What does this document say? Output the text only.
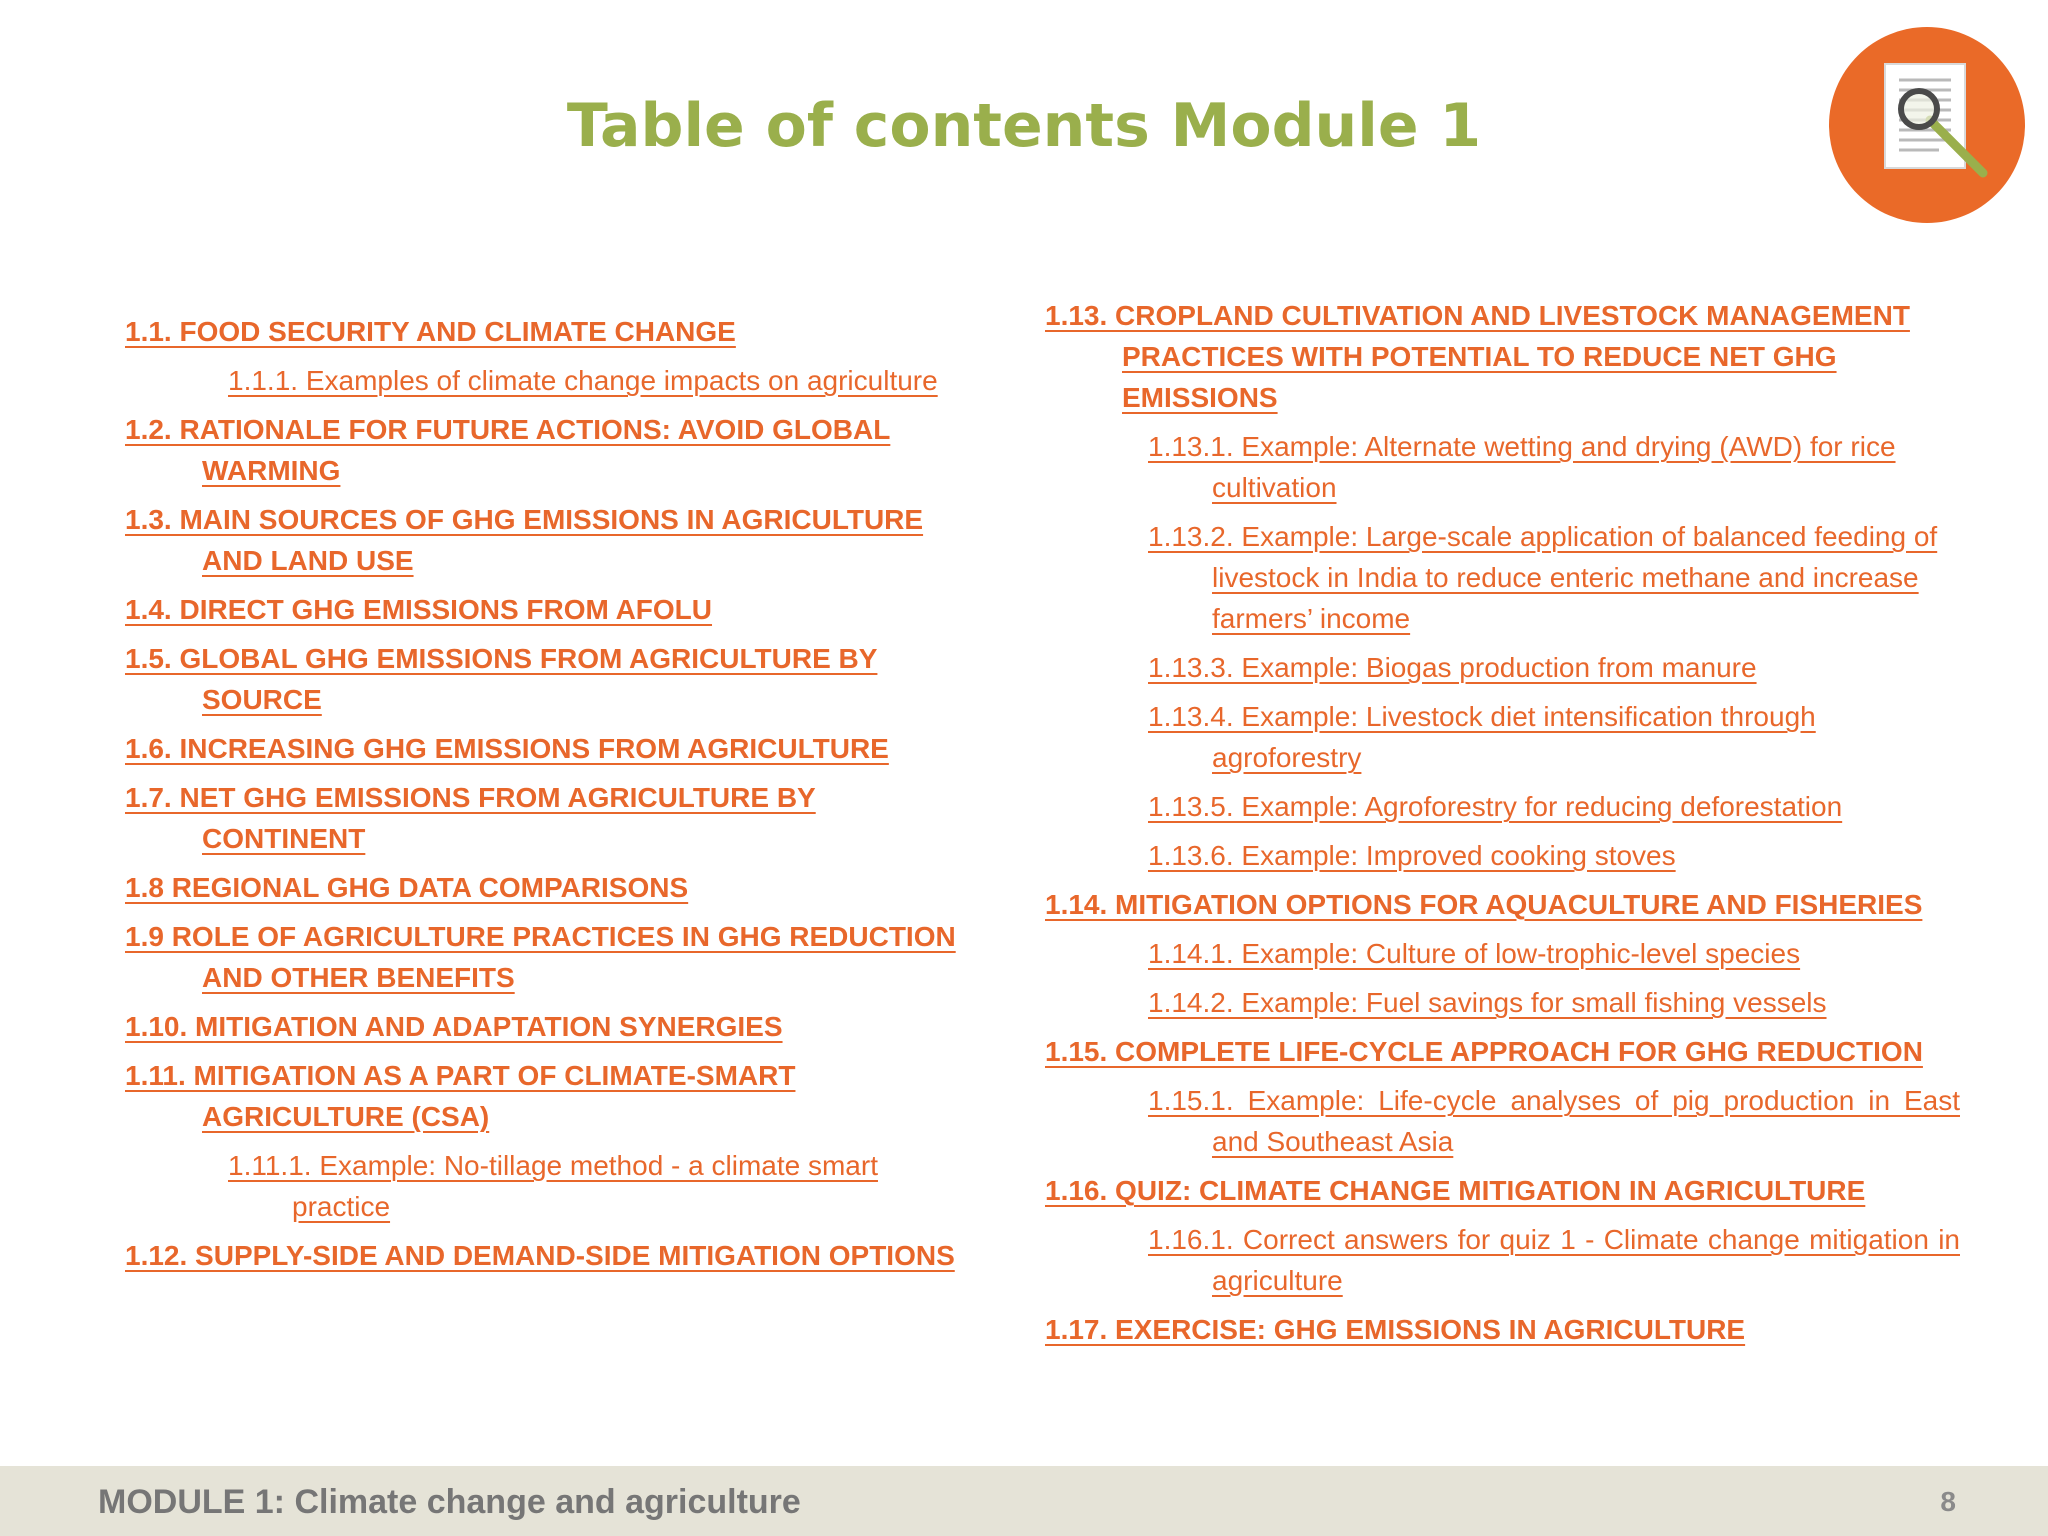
Table of contents Module 1
1.1. FOOD SECURITY AND CLIMATE CHANGE
1.1.1. Examples of climate change impacts on agriculture
1.2. RATIONALE FOR FUTURE ACTIONS: AVOID GLOBAL WARMING
1.3. MAIN SOURCES OF GHG EMISSIONS IN AGRICULTURE AND LAND USE
1.4. DIRECT GHG EMISSIONS FROM AFOLU
1.5. GLOBAL GHG EMISSIONS FROM AGRICULTURE BY SOURCE
1.6. INCREASING GHG EMISSIONS FROM AGRICULTURE
1.7. NET GHG EMISSIONS FROM AGRICULTURE BY CONTINENT
1.8 REGIONAL GHG DATA COMPARISONS
1.9 ROLE OF AGRICULTURE PRACTICES IN GHG REDUCTION AND OTHER BENEFITS
1.10. MITIGATION AND ADAPTATION SYNERGIES
1.11. MITIGATION AS A PART OF CLIMATE-SMART AGRICULTURE (CSA)
1.11.1. Example: No-tillage method - a climate smart practice
1.12. SUPPLY-SIDE AND DEMAND-SIDE MITIGATION OPTIONS
1.13. CROPLAND CULTIVATION AND LIVESTOCK MANAGEMENT PRACTICES WITH POTENTIAL TO REDUCE NET GHG EMISSIONS
1.13.1. Example: Alternate wetting and drying (AWD) for rice cultivation
1.13.2. Example: Large-scale application of balanced feeding of livestock in India to reduce enteric methane and increase farmers’ income
1.13.3. Example: Biogas production from manure
1.13.4. Example: Livestock diet intensification through agroforestry
1.13.5. Example: Agroforestry for reducing deforestation
1.13.6. Example: Improved cooking stoves
1.14. MITIGATION OPTIONS FOR AQUACULTURE AND FISHERIES
1.14.1. Example: Culture of low-trophic-level species
1.14.2. Example: Fuel savings for small fishing vessels
1.15. COMPLETE LIFE-CYCLE APPROACH FOR GHG REDUCTION
1.15.1. Example: Life-cycle analyses of pig production in East and Southeast Asia
1.16. QUIZ: CLIMATE CHANGE MITIGATION IN AGRICULTURE
1.16.1. Correct answers for quiz 1 - Climate change mitigation in agriculture
1.17. EXERCISE: GHG EMISSIONS IN AGRICULTURE
MODULE 1: Climate change and agriculture	8
